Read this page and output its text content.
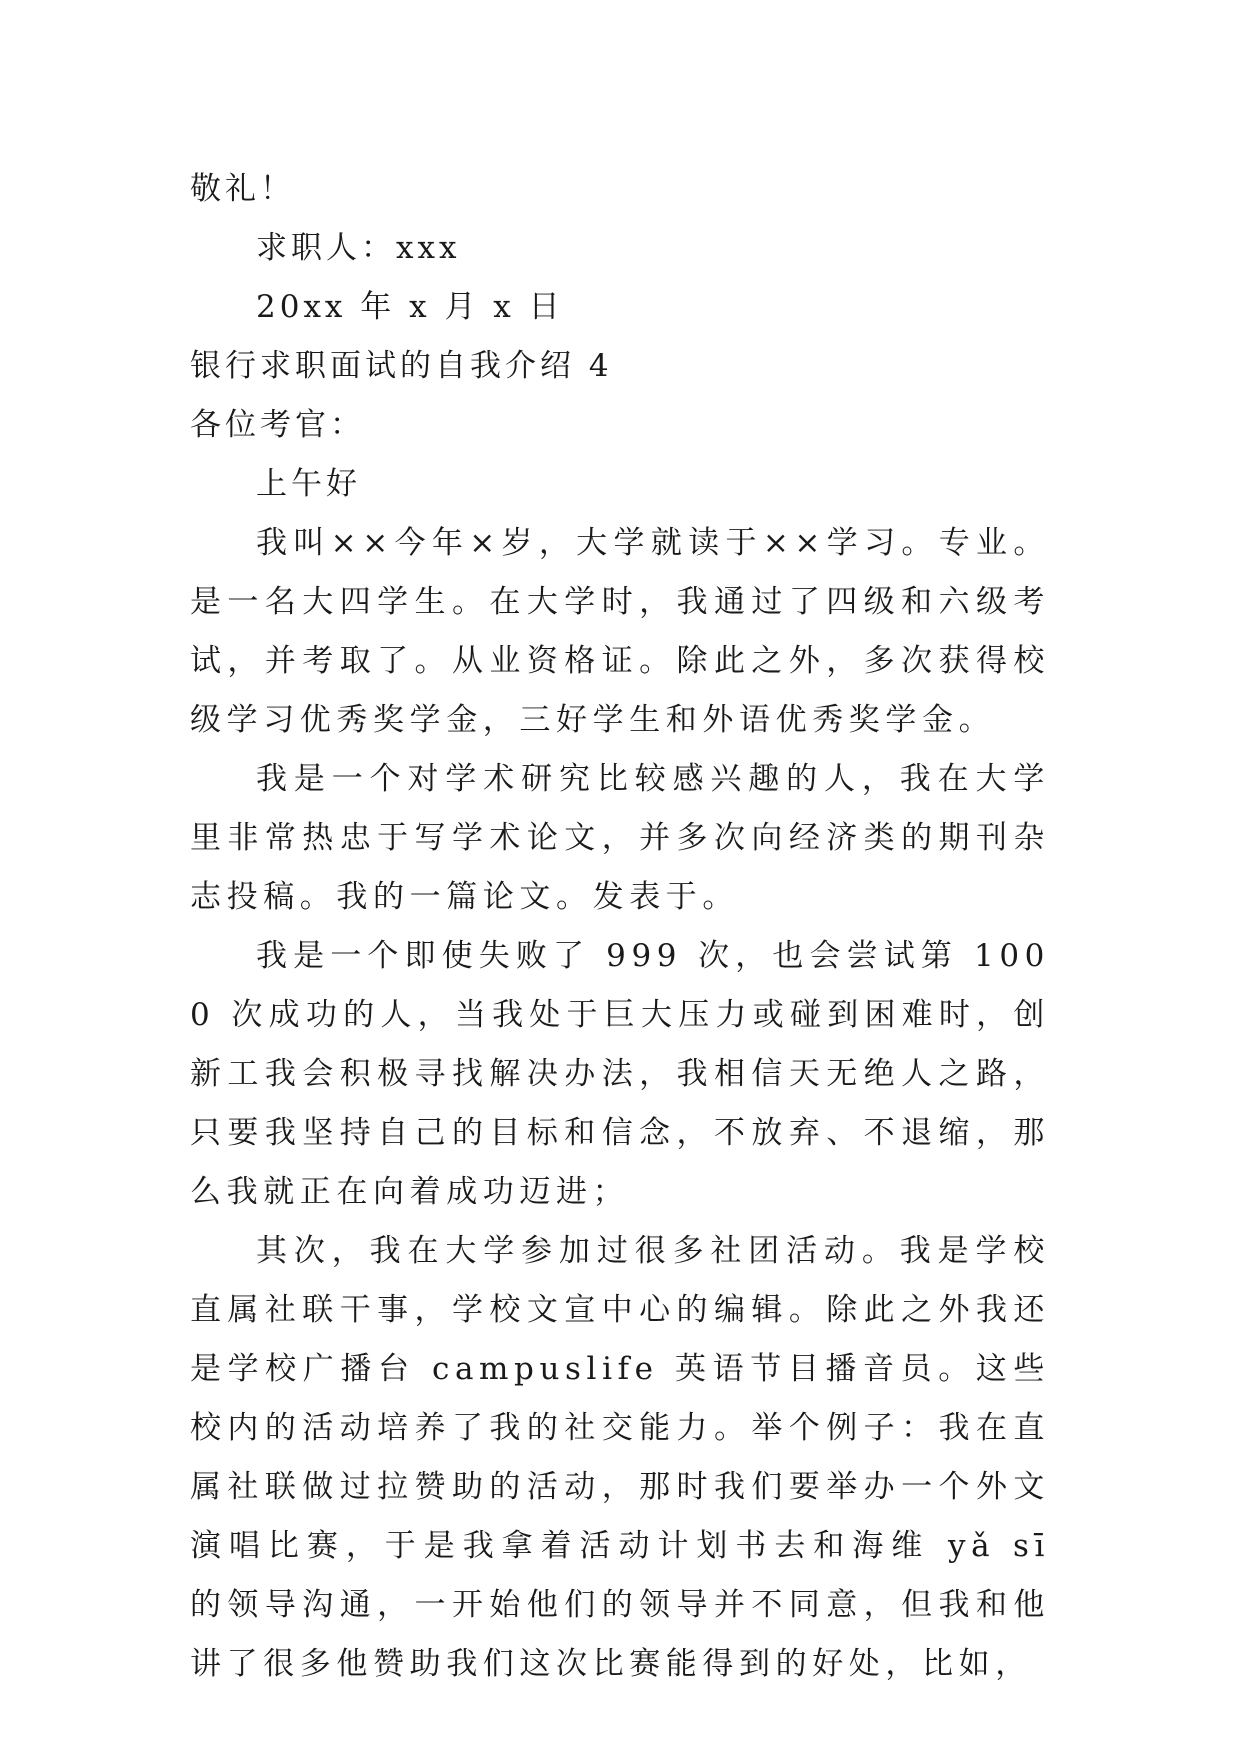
敬礼！
求职人：xxx
20xx 年 x 月 x 日
银行求职面试的自我介绍 4
各位考官：
上午好

我叫××今年×岁，大学就读于××学习。专业。是一名大四学生。在大学时，我通过了四级和六级考试，并考取了。从业资格证。除此之外，多次获得校级学习优秀奖学金，三好学生和外语优秀奖学金。

我是一个对学术研究比较感兴趣的人，我在大学里非常热忠于写学术论文，并多次向经济类的期刊杂志投稿。我的一篇论文。发表于。

我是一个即使失败了 999 次，也会尝试第 1000 次成功的人，当我处于巨大压力或碰到困难时，创新工我会积极寻找解决办法，我相信天无绝人之路，只要我坚持自己的目标和信念，不放弃、不退缩，那么我就正在向着成功迈进；

其次，我在大学参加过很多社团活动。我是学校直属社联干事，学校文宣中心的编辑。除此之外我还是学校广播台 campuslife 英语节目播音员。这些校内的活动培养了我的社交能力。举个例子：我在直属社联做过拉赞助的活动，那时我们要举办一个外文演唱比赛，于是我拿着活动计划书去和海维 yǎ sī 的领导沟通，一开始他们的领导并不同意，但我和他讲了很多他赞助我们这次比赛能得到的好处，比如，
